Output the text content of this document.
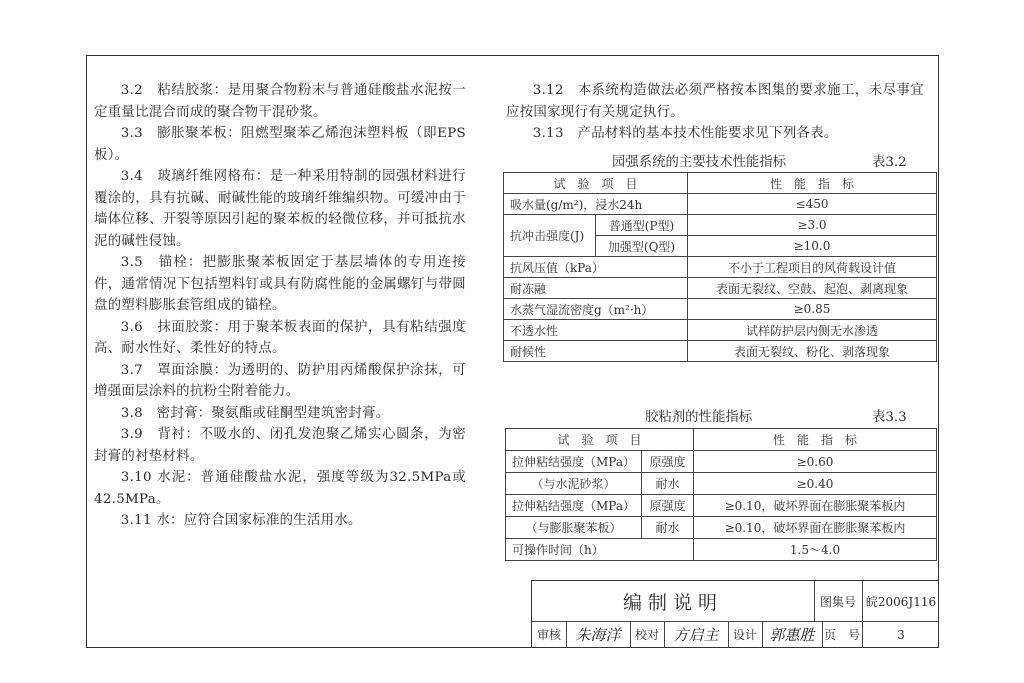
3.2　粘结胶浆：是用聚合物粉末与普通硅酸盐水泥按一定重量比混合而成的聚合物干混砂浆。

3.3　膨胀聚苯板：阻燃型聚苯乙烯泡沫塑料板（即EPS板）。

3.4　玻璃纤维网格布：是一种采用特制的园强材料进行覆涂的，具有抗碱、耐碱性能的玻璃纤维编织物。可缓冲由于墙体位移、开裂等原因引起的聚苯板的轻微位移，并可抵抗水泥的碱性侵蚀。

3.5　锚栓：把膨胀聚苯板固定于基层墙体的专用连接件，通常情况下包括塑料钉或具有防腐性能的金属螺钉与带圆盘的塑料膨胀套管组成的锚栓。

3.6　抹面胶浆：用于聚苯板表面的保护，具有粘结强度高、耐水性好、柔性好的特点。

3.7　罩面涂膜：为透明的、防护用丙烯酸保护涂抹，可增强面层涂料的抗粉尘附着能力。

3.8　密封膏：聚氨酯或硅酮型建筑密封膏。

3.9　背衬：不吸水的、闭孔发泡聚乙烯实心圆条，为密封膏的衬垫材料。

3.10 水泥：普通硅酸盐水泥，强度等级为32.5MPa或42.5MPa。

3.11 水：应符合国家标准的生活用水。

3.12　本系统构造做法必须严格按本图集的要求施工，未尽事宜应按国家现行有关规定执行。

3.13　产品材料的基本技术性能要求见下列各表。

园强系统的主要技术性能指标	表3.2
试　验　项　目		性　能　指　标
吸水量(g/m²)，浸水24h		≤450
抗冲击强度(J)	普通型(P型)	≥3.0
	加强型(Q型)	≥10.0
抗风压值（kPa）		不小于工程项目的风荷载设计值
耐冻融		表面无裂纹、空鼓、起泡、剥离现象
水蒸气湿流密度g（m²·h）		≥0.85
不透水性		试样防护层内侧无水渗透
耐候性		表面无裂纹、粉化、剥落现象
胶粘剂的性能指标	表3.3
试　验　项　目		性　能　指　标
拉伸粘结强度（MPa）	原强度	≥0.60
（与水泥砂浆）	耐水	≥0.40
拉伸粘结强度（MPa）	原强度	≥0.10，破坏界面在膨胀聚苯板内
（与膨胀聚苯板）	耐水	≥0.10，破坏界面在膨胀聚苯板内
可操作时间（h）		1.5～4.0
编制说明	图集号 皖2006J116
审核 朱海洋	校对 方启主	设计 郭惠胜 页　号	3
